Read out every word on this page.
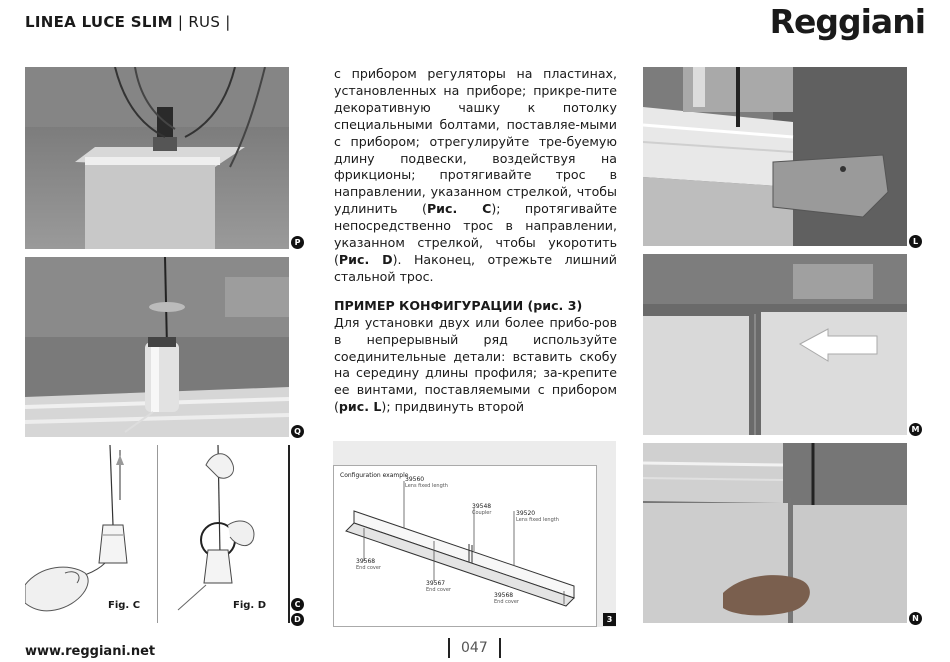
LINEA LUCE SLIM | RUS |	Reggiani
P
Q
Fig. C	Fig. D	C
D

с прибором регуляторы на пластинах, установленных на приборе; прикре-пите декоративную чашку к потолку специальными болтами, поставляе-мыми с прибором; отрегулируйте тре-буемую длину подвески, воздействуя на фрикционы; протягивайте трос в направлении, указанном стрелкой, чтобы удлинить (Рис. C); протягивайте непосредственно трос в направлении, указанном стрелкой, чтобы укоротить (Рис. D). Наконец, отрежьте лишний стальной трос.

ПРИМЕР КОНФИГУРАЦИИ (рис. 3)

Для установки двух или более прибо-ров в непрерывный ряд используйте соединительные детали: вставить скобу на середину длины профиля; за-крепите ее винтами, поставляемыми с прибором (рис. L); придвинуть второй

Configuration example
39560
Lens fixed length
39548
Coupler	39520
Lens fixed length
39568
End cover
39567
End cover
39568
End cover
3
L
M
N
www.reggiani.net	047
